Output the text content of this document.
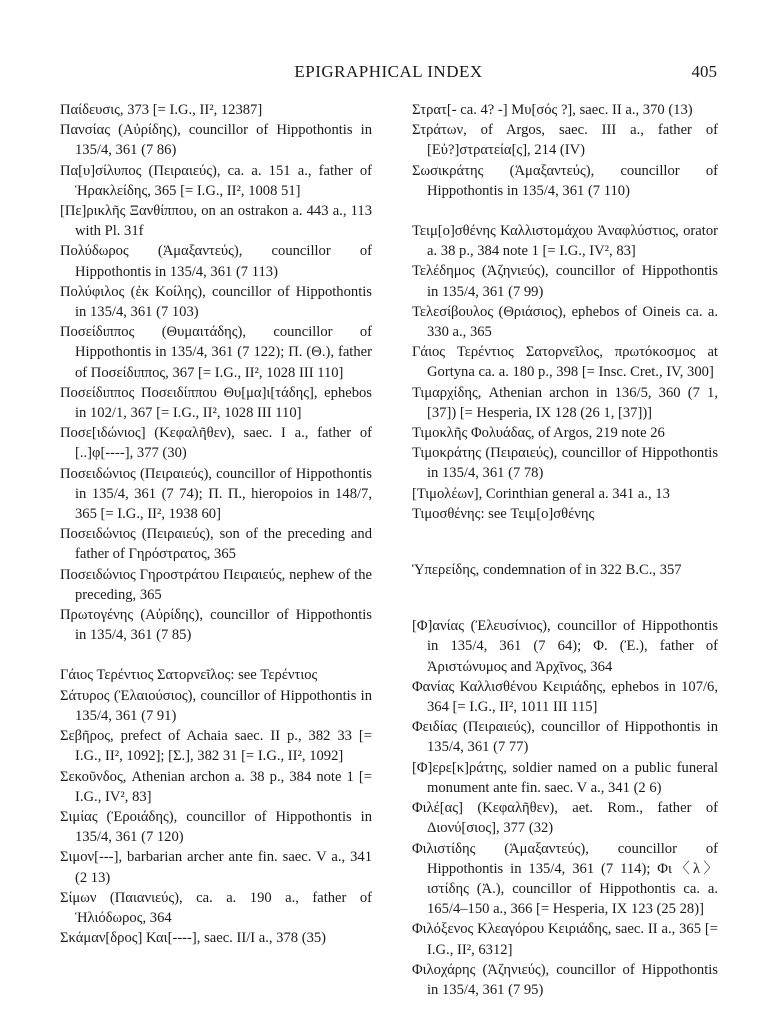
EPIGRAPHICAL INDEX	405
Παίδευσις, 373 [= I.G., II², 12387]
Πανσίας (Αὐρίδης), councillor of Hippothontis in 135/4, 361 (7 86)
Πα[υ]σίλυπος (Πειραιεύς), ca. a. 151 a., father of Ἡρακλείδης, 365 [= I.G., II², 1008 51]
[Πε]ρικλῆς Ξανθίππου, on an ostrakon a. 443 a., 113 with Pl. 31f
Πολύδωρος (Ἁμαξαντεύς), councillor of Hippothontis in 135/4, 361 (7 113)
Πολύφιλος (ἐκ Κοίλης), councillor of Hippothontis in 135/4, 361 (7 103)
Ποσείδιππος (Θυμαιτάδης), councillor of Hippothontis in 135/4, 361 (7 122); Π. (Θ.), father of Ποσείδιππος, 367 [= I.G., II², 1028 III 110]
Ποσείδιππος Ποσειδίππου Θυ[μα]ι[τάδης], ephebos in 102/1, 367 [= I.G., II², 1028 III 110]
Ποσε[ιδώνιος] (Κεφαλῆθεν), saec. I a., father of [..]φ[----], 377 (30)
Ποσειδώνιος (Πειραιεύς), councillor of Hippothontis in 135/4, 361 (7 74); Π. Π., hieropoios in 148/7, 365 [= I.G., II², 1938 60]
Ποσειδώνιος (Πειραιεύς), son of the preceding and father of Γηρόστρατος, 365
Ποσειδώνιος Γηροστράτου Πειραιεύς, nephew of the preceding, 365
Πρωτογένης (Αὐρίδης), councillor of Hippothontis in 135/4, 361 (7 85)
Γάιος Τερέντιος Σατορνεῖλος: see Τερέντιος
Σάτυρος (Ἐλαιούσιος), councillor of Hippothontis in 135/4, 361 (7 91)
Σεβῆρος, prefect of Achaia saec. II p., 382 33 [= I.G., II², 1092]; [Σ.], 382 31 [= I.G., II², 1092]
Σεκοῦνδος, Athenian archon a. 38 p., 384 note 1 [= I.G., IV², 83]
Σιμίας (Ἐροιάδης), councillor of Hippothontis in 135/4, 361 (7 120)
Σιμον[---], barbarian archer ante fin. saec. V a., 341 (2 13)
Σίμων (Παιανιεύς), ca. a. 190 a., father of Ἡλιόδωρος, 364
Σκάμαν[δρος] Και[----], saec. II/I a., 378 (35)
Στρατ[- ca. 4? -] Μυ[σός ?], saec. II a., 370 (13)
Στράτων, of Argos, saec. III a., father of [Εὐ?]στρατεία[ς], 214 (IV)
Σωσικράτης (Ἁμαξαντεύς), councillor of Hippothontis in 135/4, 361 (7 110)
Τειμ[ο]σθένης Καλλιστομάχου Ἀναφλύστιος, orator a. 38 p., 384 note 1 [= I.G., IV², 83]
Τελέδημος (Ἀζηνιεύς), councillor of Hippothontis in 135/4, 361 (7 99)
Τελεσίβουλος (Θριάσιος), ephebos of Oineis ca. a. 330 a., 365
Γάιος Τερέντιος Σατορνεῖλος, πρωτόκοσμος at Gortyna ca. a. 180 p., 398 [= Insc. Cret., IV, 300]
Τιμαρχίδης, Athenian archon in 136/5, 360 (7 1, [37]) [= Hesperia, IX 128 (26 1, [37])]
Τιμοκλῆς Φολυάδας, of Argos, 219 note 26
Τιμοκράτης (Πειραιεύς), councillor of Hippothontis in 135/4, 361 (7 78)
[Τιμολέων], Corinthian general a. 341 a., 13
Τιμοσθένης: see Τειμ[ο]σθένης
Ὑπερείδης, condemnation of in 322 B.C., 357
[Φ]ανίας (Ἐλευσίνιος), councillor of Hippothontis in 135/4, 361 (7 64); Φ. (Ἐ.), father of Ἀριστώνυμος and Ἀρχῖνος, 364
Φανίας Καλλισθένου Κειριάδης, ephebos in 107/6, 364 [= I.G., II², 1011 III 115]
Φειδίας (Πειραιεύς), councillor of Hippothontis in 135/4, 361 (7 77)
[Φ]ερε[κ]ράτης, soldier named on a public funeral monument ante fin. saec. V a., 341 (2 6)
Φιλέ[ας] (Κεφαλῆθεν), aet. Rom., father of Διονύ[σιος], 377 (32)
Φιλιστίδης (Ἁμαξαντεύς), councillor of Hippothontis in 135/4, 361 (7 114); Φι〈λ〉ιστίδης (Ἀ.), councillor of Hippothontis ca. a. 165/4–150 a., 366 [= Hesperia, IX 123 (25 28)]
Φιλόξενος Κλεαγόρου Κειριάδης, saec. II a., 365 [= I.G., II², 6312]
Φιλοχάρης (Ἀζηνιεύς), councillor of Hippothontis in 135/4, 361 (7 95)
